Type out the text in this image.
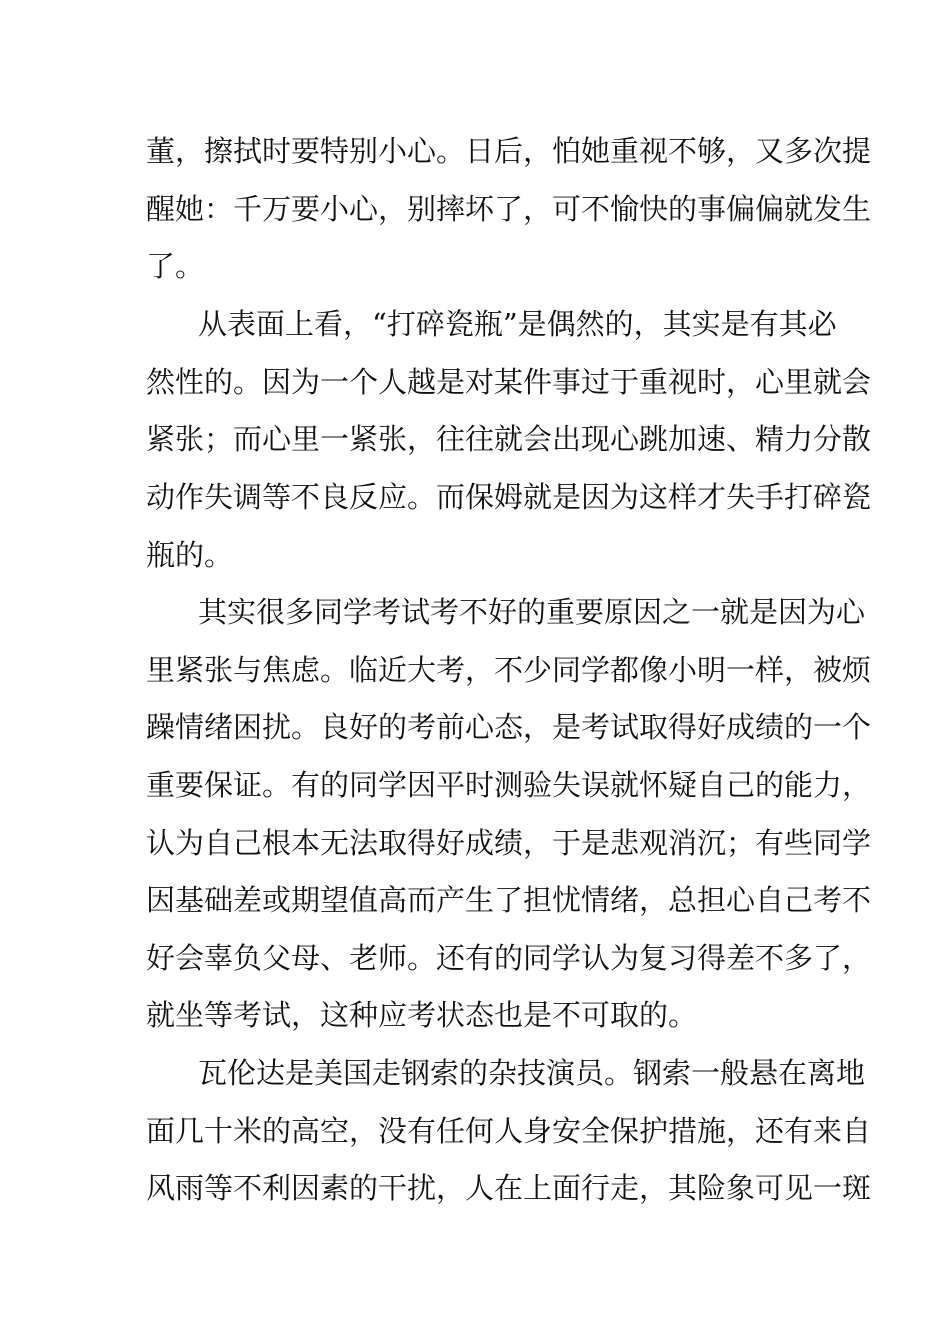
董，擦拭时要特别小心。日后，怕她重视不够，又多次提
醒她：千万要小心，别摔坏了，可不愉快的事偏偏就发生
了。
从表面上看，“打碎瓷瓶”是偶然的，其实是有其必
然性的。因为一个人越是对某件事过于重视时，心里就会
紧张；而心里一紧张，往往就会出现心跳加速、精力分散
动作失调等不良反应。而保姆就是因为这样才失手打碎瓷
瓶的。
其实很多同学考试考不好的重要原因之一就是因为心
里紧张与焦虑。临近大考，不少同学都像小明一样，被烦
躁情绪困扰。良好的考前心态，是考试取得好成绩的一个
重要保证。有的同学因平时测验失误就怀疑自己的能力，
认为自己根本无法取得好成绩，于是悲观消沉；有些同学
因基础差或期望值高而产生了担忧情绪，总担心自己考不
好会辜负父母、老师。还有的同学认为复习得差不多了，
就坐等考试，这种应考状态也是不可取的。
瓦伦达是美国走钢索的杂技演员。钢索一般悬在离地
面几十米的高空，没有任何人身安全保护措施，还有来自
风雨等不利因素的干扰，人在上面行走，其险象可见一斑
